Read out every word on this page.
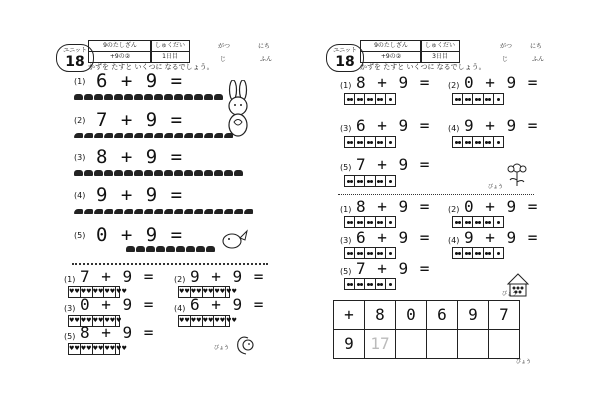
ユニット
18
9のたしざん
+9の②
しゅくだい
1日目
がつ	にち
じ	ふん
かずを たすと いくつに なるでしょう。
(1) 6 + 9 =
(2) 7 + 9 =
(3) 8 + 9 =
(4) 9 + 9 =
(5) 0 + 9 =
(1) 7 + 9 =
♥ ♥ ♥ ♥ ♥ ♥ ♥ ♥ ♥ ♥
(2) 9 + 9 =
♥ ♥ ♥ ♥ ♥ ♥ ♥ ♥ ♥ ♥
(3) 0 + 9 =
♥ ♥ ♥ ♥ ♥ ♥ ♥ ♥ ♥
(4) 6 + 9 =
♥ ♥ ♥ ♥ ♥ ♥ ♥ ♥ ♥ ♥
(5) 8 + 9 =
♥ ♥ ♥ ♥ ♥ ♥ ♥ ♥ ♥ ♥	びょう
ユニット
18
9のたしざん
+9の②
しゅくだい
3日目
がつ	にち
じ	ふん
かずを たすと いくつに なるでしょう。
(1) 8 + 9 = (2) 0 + 9 =
(3) 6 + 9 = (4) 9 + 9 =
(5) 7 + 9 =
びょう
(1) 8 + 9 = (2) 0 + 9 =
(3) 6 + 9 = (4) 9 + 9 =
(5) 7 + 9 =
びょう
+	8	0	6	9	7
9	17
びょう
